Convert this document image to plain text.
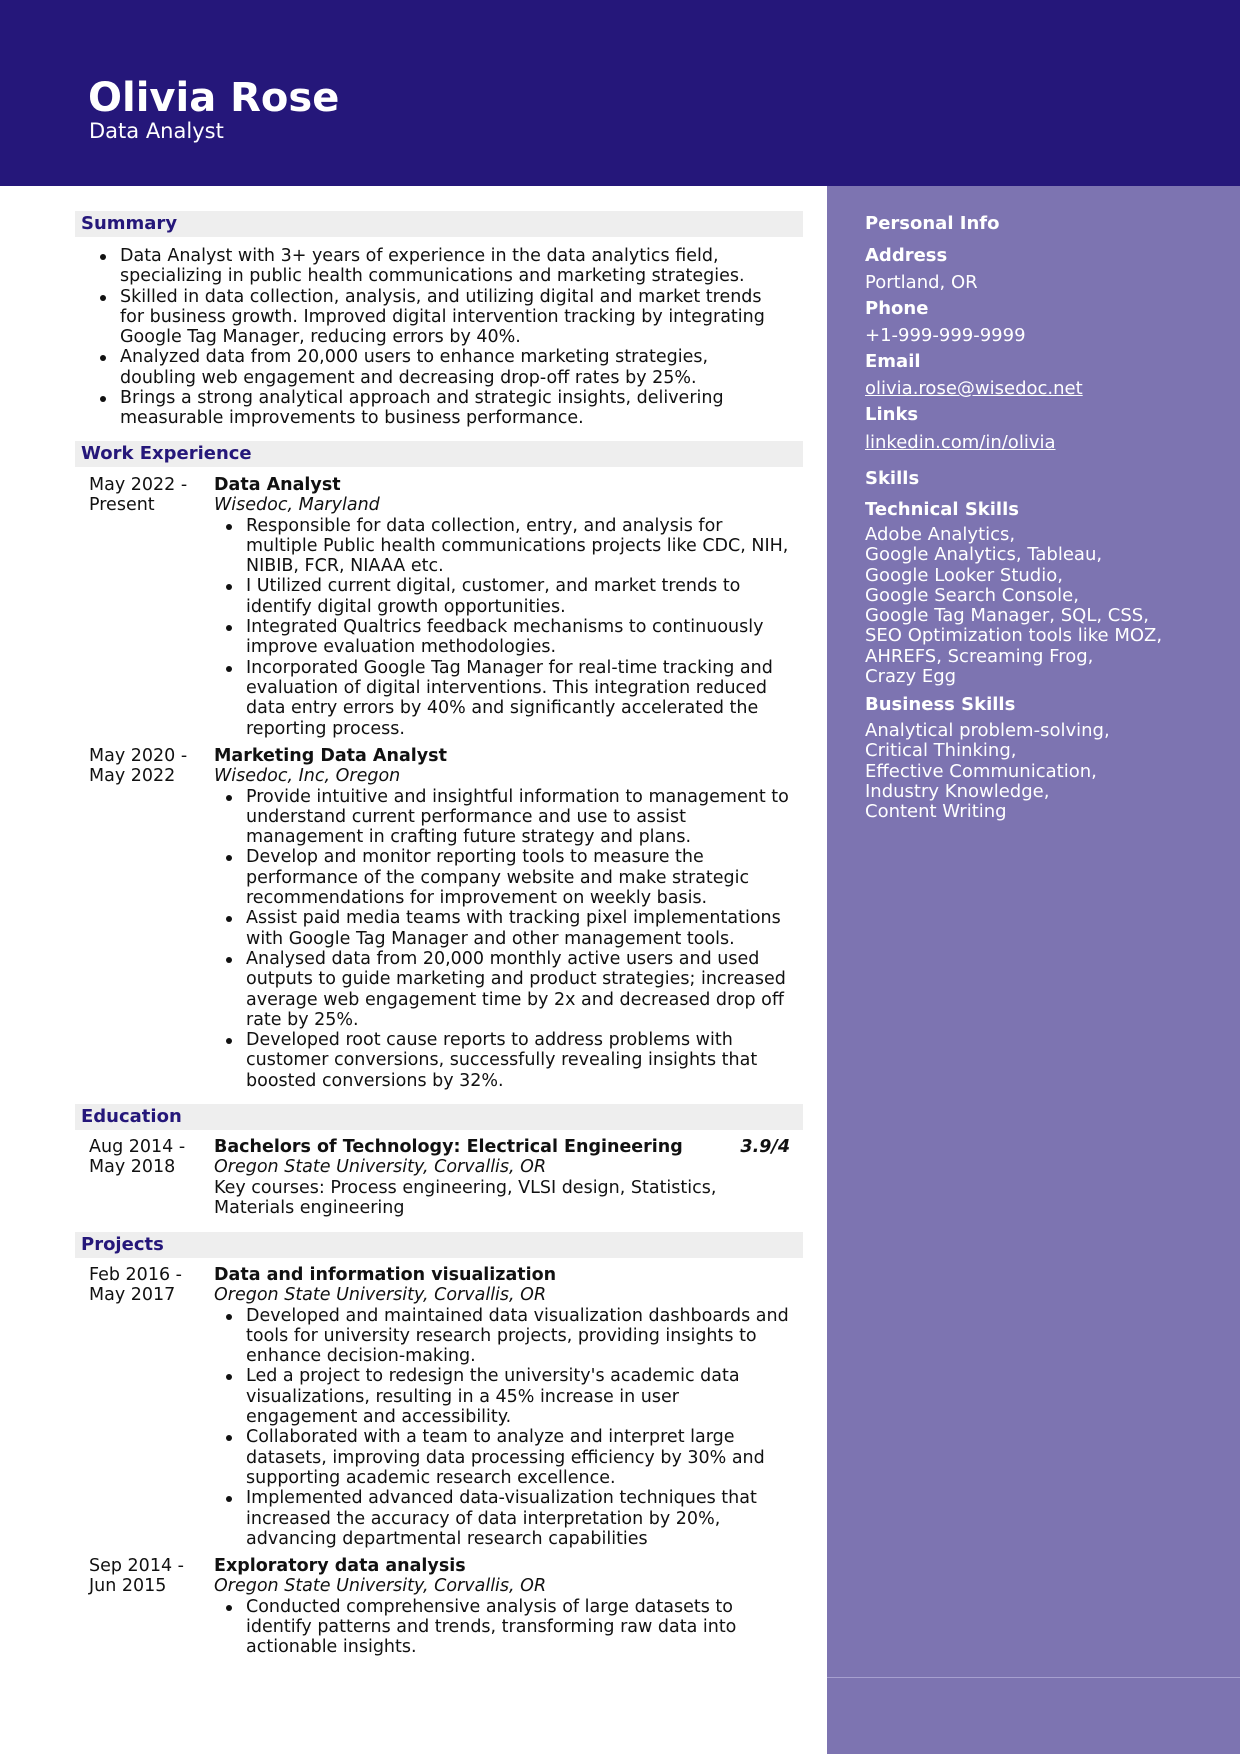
Olivia Rose
Data Analyst
Personal Info
Address
Portland, OR
Phone
+1-999-999-9999
Email
olivia.rose@wisedoc.net
Links
linkedin.com/in/olivia
Skills
Technical Skills
Adobe Analytics,
Google Analytics, Tableau,
Google Looker Studio,
Google Search Console,
Google Tag Manager, SQL, CSS,
SEO Optimization tools like MOZ,
AHREFS, Screaming Frog,
Crazy Egg
Business Skills
Analytical problem-solving,
Critical Thinking,
Effective Communication,
Industry Knowledge,
Content Writing
Summary
Data Analyst with 3+ years of experience in the data analytics field, specializing in public health communications and marketing strategies.
Skilled in data collection, analysis, and utilizing digital and market trends for business growth. Improved digital intervention tracking by integrating Google Tag Manager, reducing errors by 40%.
Analyzed data from 20,000 users to enhance marketing strategies, doubling web engagement and decreasing drop-off rates by 25%.
Brings a strong analytical approach and strategic insights, delivering measurable improvements to business performance.
Work Experience
May 2022 -
Present
Data Analyst
Wisedoc, Maryland
Responsible for data collection, entry, and analysis for multiple Public health communications projects like CDC, NIH, NIBIB, FCR, NIAAA etc.
I Utilized current digital, customer, and market trends to identify digital growth opportunities.
Integrated Qualtrics feedback mechanisms to continuously improve evaluation methodologies.
Incorporated Google Tag Manager for real-time tracking and evaluation of digital interventions. This integration reduced data entry errors by 40% and significantly accelerated the reporting process.
May 2020 -
May 2022
Marketing Data Analyst
Wisedoc, Inc, Oregon
Provide intuitive and insightful information to management to understand current performance and use to assist management in crafting future strategy and plans.
Develop and monitor reporting tools to measure the performance of the company website and make strategic recommendations for improvement on weekly basis.
Assist paid media teams with tracking pixel implementations with Google Tag Manager and other management tools.
Analysed data from 20,000 monthly active users and used outputs to guide marketing and product strategies; increased average web engagement time by 2x and decreased drop off rate by 25%.
Developed root cause reports to address problems with customer conversions, successfully revealing insights that boosted conversions by 32%.
Education
Aug 2014 -
May 2018
Bachelors of Technology: Electrical Engineering	3.9/4
Oregon State University, Corvallis, OR
Key courses: Process engineering, VLSI design, Statistics, Materials engineering
Projects
Feb 2016 -
May 2017
Data and information visualization
Oregon State University, Corvallis, OR
Developed and maintained data visualization dashboards and tools for university research projects, providing insights to enhance decision-making.
Led a project to redesign the university's academic data visualizations, resulting in a 45% increase in user engagement and accessibility.
Collaborated with a team to analyze and interpret large datasets, improving data processing efficiency by 30% and supporting academic research excellence.
Implemented advanced data-visualization techniques that increased the accuracy of data interpretation by 20%, advancing departmental research capabilities
Sep 2014 -
Jun 2015
Exploratory data analysis
Oregon State University, Corvallis, OR
Conducted comprehensive analysis of large datasets to identify patterns and trends, transforming raw data into actionable insights.
